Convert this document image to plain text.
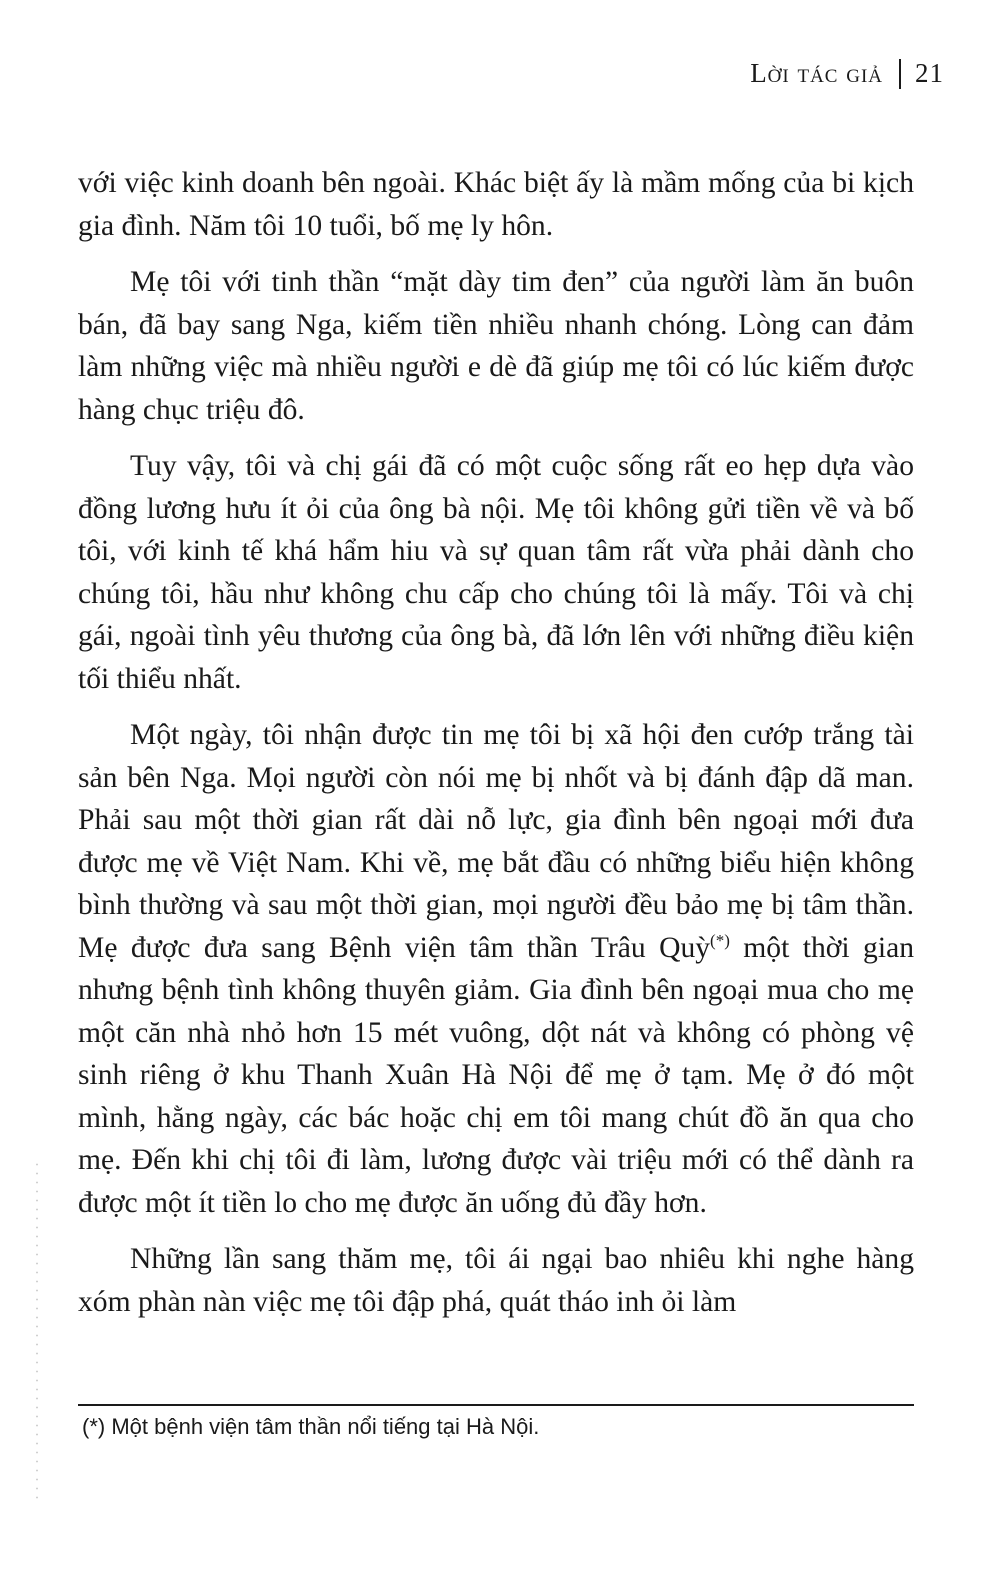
Lời tác giả 21

với việc kinh doanh bên ngoài. Khác biệt ấy là mầm mống của bi kịch gia đình. Năm tôi 10 tuổi, bố mẹ ly hôn.

Mẹ tôi với tinh thần “mặt dày tim đen” của người làm ăn buôn bán, đã bay sang Nga, kiếm tiền nhiều nhanh chóng. Lòng can đảm làm những việc mà nhiều người e dè đã giúp mẹ tôi có lúc kiếm được hàng chục triệu đô.

Tuy vậy, tôi và chị gái đã có một cuộc sống rất eo hẹp dựa vào đồng lương hưu ít ỏi của ông bà nội. Mẹ tôi không gửi tiền về và bố tôi, với kinh tế khá hẩm hiu và sự quan tâm rất vừa phải dành cho chúng tôi, hầu như không chu cấp cho chúng tôi là mấy. Tôi và chị gái, ngoài tình yêu thương của ông bà, đã lớn lên với những điều kiện tối thiểu nhất.

Một ngày, tôi nhận được tin mẹ tôi bị xã hội đen cướp trắng tài sản bên Nga. Mọi người còn nói mẹ bị nhốt và bị đánh đập dã man. Phải sau một thời gian rất dài nỗ lực, gia đình bên ngoại mới đưa được mẹ về Việt Nam. Khi về, mẹ bắt đầu có những biểu hiện không bình thường và sau một thời gian, mọi người đều bảo mẹ bị tâm thần. Mẹ được đưa sang Bệnh viện tâm thần Trâu Quỳ(*) một thời gian nhưng bệnh tình không thuyên giảm. Gia đình bên ngoại mua cho mẹ một căn nhà nhỏ hơn 15 mét vuông, dột nát và không có phòng vệ sinh riêng ở khu Thanh Xuân Hà Nội để mẹ ở tạm. Mẹ ở đó một mình, hằng ngày, các bác hoặc chị em tôi mang chút đồ ăn qua cho mẹ. Đến khi chị tôi đi làm, lương được vài triệu mới có thể dành ra được một ít tiền lo cho mẹ được ăn uống đủ đầy hơn.

Những lần sang thăm mẹ, tôi ái ngại bao nhiêu khi nghe hàng xóm phàn nàn việc mẹ tôi đập phá, quát tháo inh ỏi làm

(*) Một bệnh viện tâm thần nổi tiếng tại Hà Nội.
